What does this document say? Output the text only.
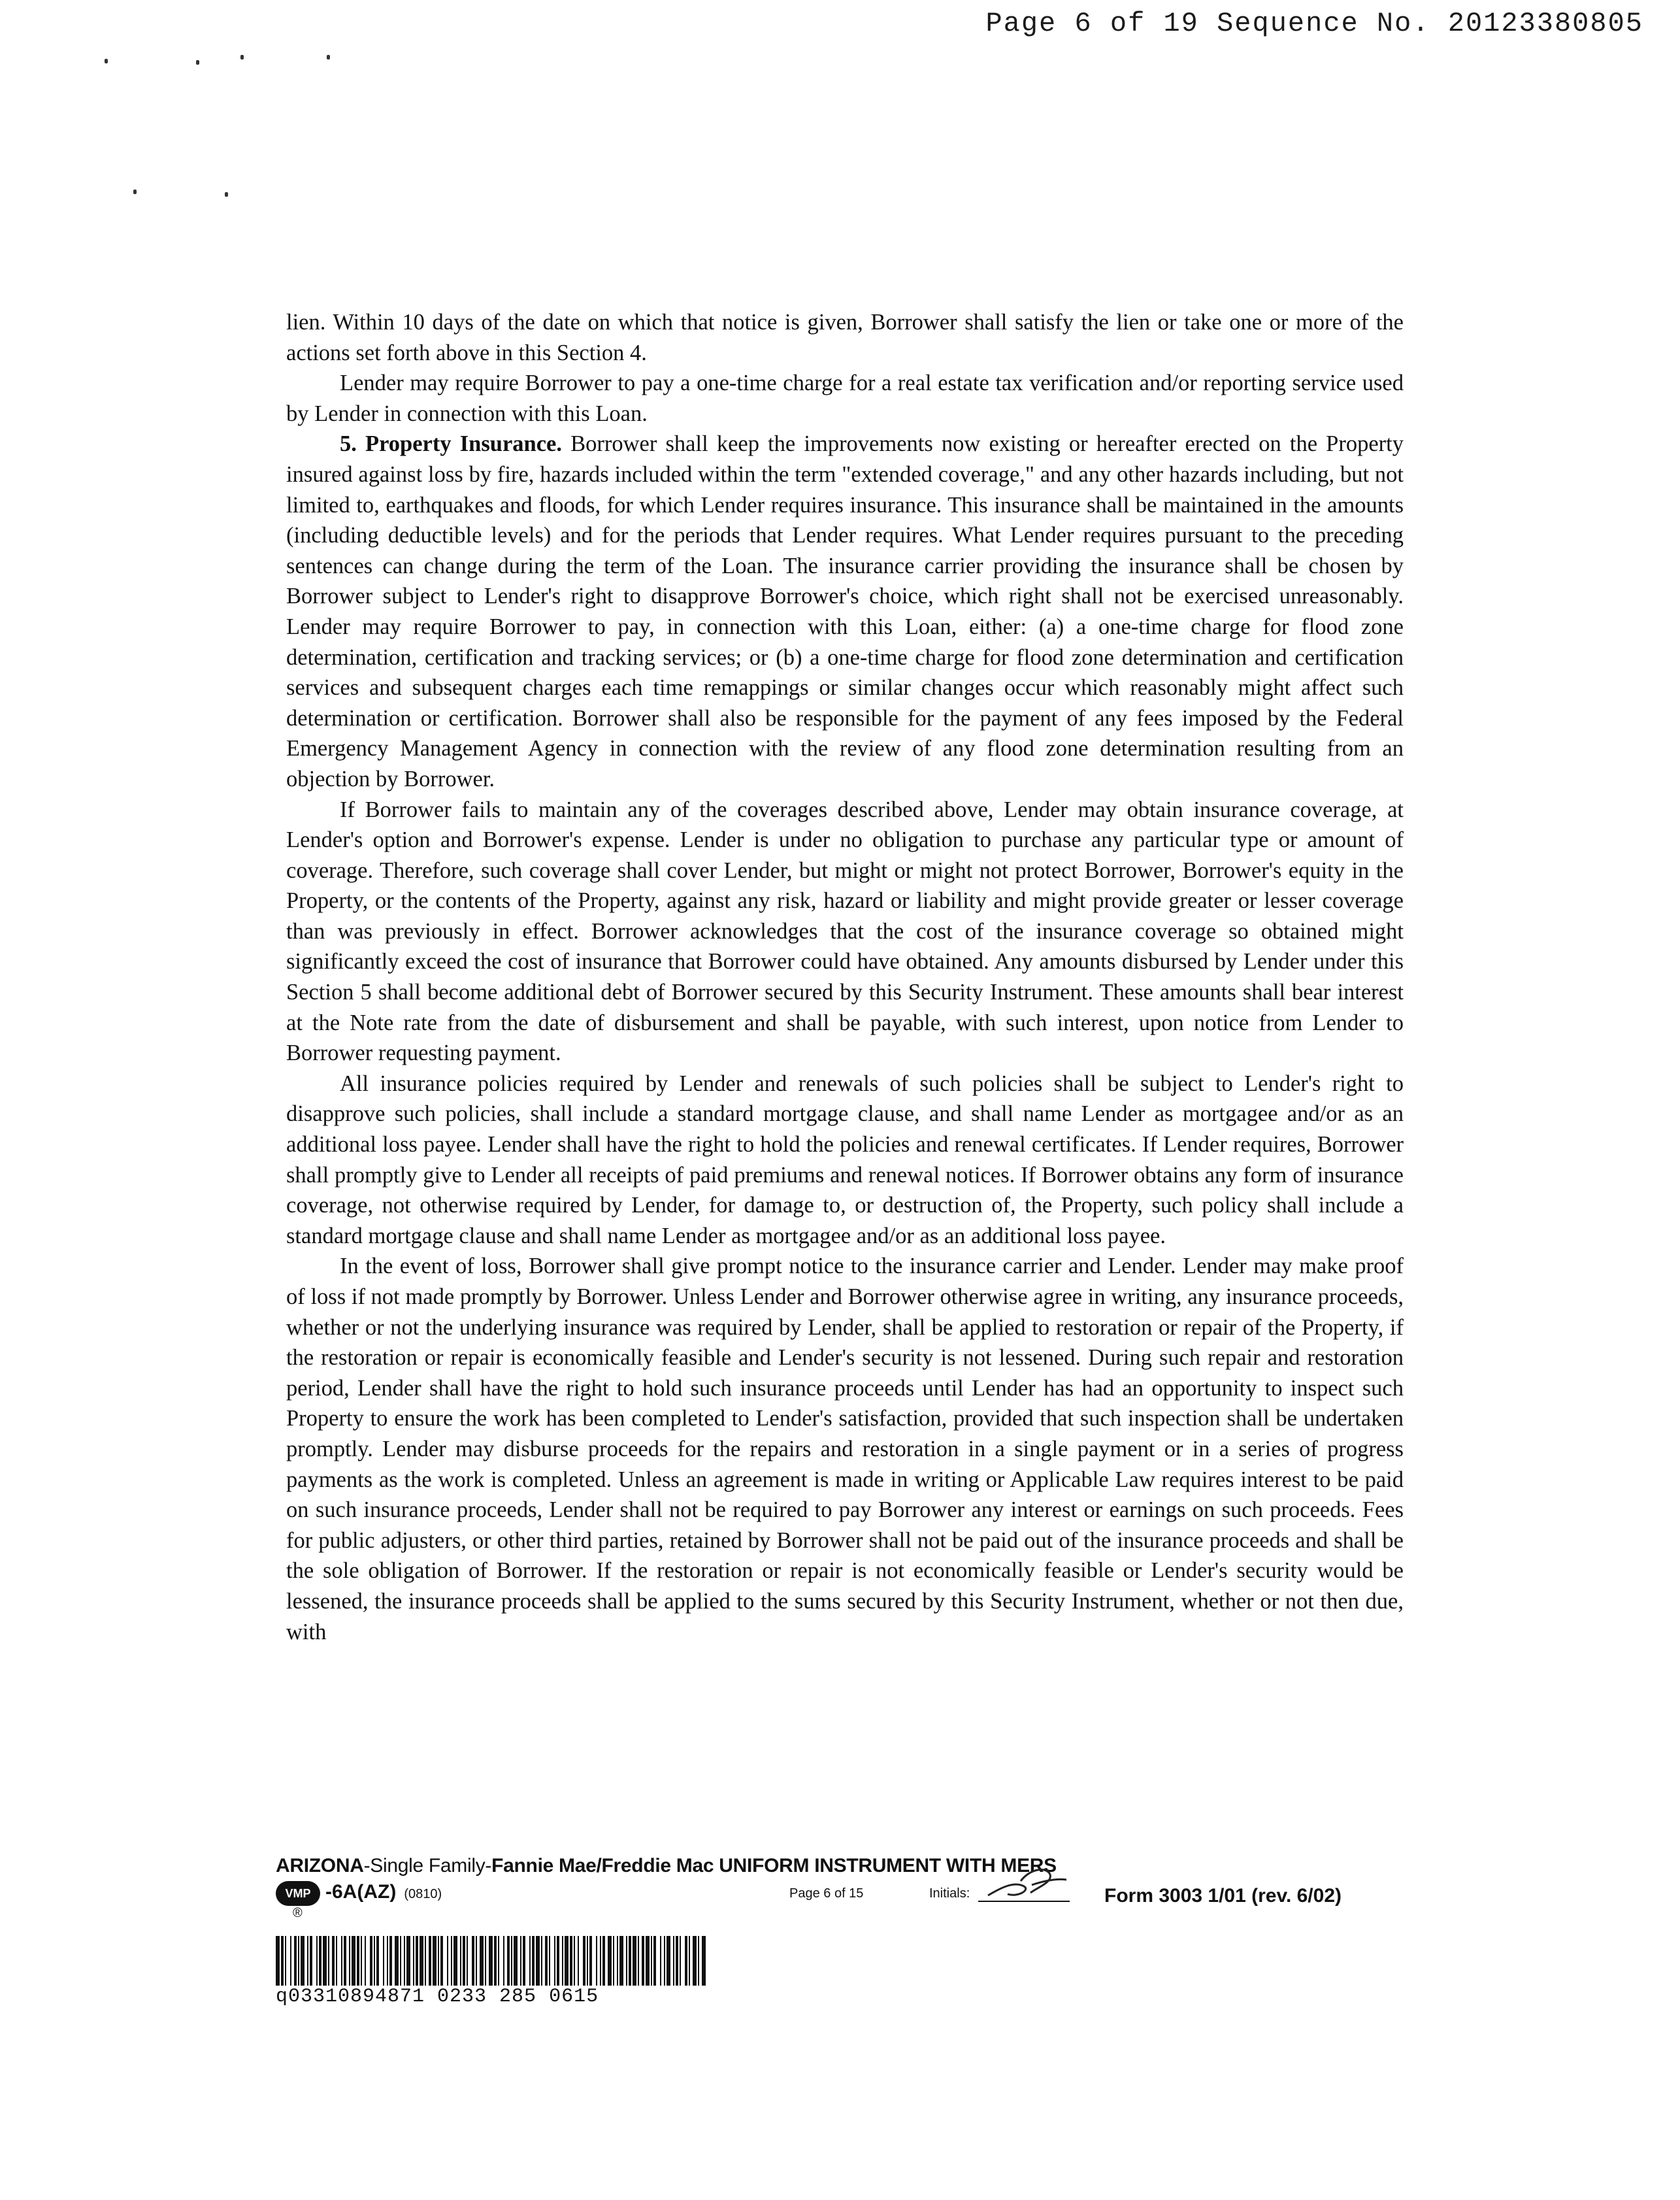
Page 6 of 19 Sequence No. 20123380805

lien. Within 10 days of the date on which that notice is given, Borrower shall satisfy the lien or take one or more of the actions set forth above in this Section 4.

Lender may require Borrower to pay a one-time charge for a real estate tax verification and/or reporting service used by Lender in connection with this Loan.

5. Property Insurance. Borrower shall keep the improvements now existing or hereafter erected on the Property insured against loss by fire, hazards included within the term "extended coverage," and any other hazards including, but not limited to, earthquakes and floods, for which Lender requires insurance. This insurance shall be maintained in the amounts (including deductible levels) and for the periods that Lender requires. What Lender requires pursuant to the preceding sentences can change during the term of the Loan. The insurance carrier providing the insurance shall be chosen by Borrower subject to Lender's right to disapprove Borrower's choice, which right shall not be exercised unreasonably. Lender may require Borrower to pay, in connection with this Loan, either: (a) a one-time charge for flood zone determination, certification and tracking services; or (b) a one-time charge for flood zone determination and certification services and subsequent charges each time remappings or similar changes occur which reasonably might affect such determination or certification. Borrower shall also be responsible for the payment of any fees imposed by the Federal Emergency Management Agency in connection with the review of any flood zone determination resulting from an objection by Borrower.

If Borrower fails to maintain any of the coverages described above, Lender may obtain insurance coverage, at Lender's option and Borrower's expense. Lender is under no obligation to purchase any particular type or amount of coverage. Therefore, such coverage shall cover Lender, but might or might not protect Borrower, Borrower's equity in the Property, or the contents of the Property, against any risk, hazard or liability and might provide greater or lesser coverage than was previously in effect. Borrower acknowledges that the cost of the insurance coverage so obtained might significantly exceed the cost of insurance that Borrower could have obtained. Any amounts disbursed by Lender under this Section 5 shall become additional debt of Borrower secured by this Security Instrument. These amounts shall bear interest at the Note rate from the date of disbursement and shall be payable, with such interest, upon notice from Lender to Borrower requesting payment.

All insurance policies required by Lender and renewals of such policies shall be subject to Lender's right to disapprove such policies, shall include a standard mortgage clause, and shall name Lender as mortgagee and/or as an additional loss payee. Lender shall have the right to hold the policies and renewal certificates. If Lender requires, Borrower shall promptly give to Lender all receipts of paid premiums and renewal notices. If Borrower obtains any form of insurance coverage, not otherwise required by Lender, for damage to, or destruction of, the Property, such policy shall include a standard mortgage clause and shall name Lender as mortgagee and/or as an additional loss payee.

In the event of loss, Borrower shall give prompt notice to the insurance carrier and Lender. Lender may make proof of loss if not made promptly by Borrower. Unless Lender and Borrower otherwise agree in writing, any insurance proceeds, whether or not the underlying insurance was required by Lender, shall be applied to restoration or repair of the Property, if the restoration or repair is economically feasible and Lender's security is not lessened. During such repair and restoration period, Lender shall have the right to hold such insurance proceeds until Lender has had an opportunity to inspect such Property to ensure the work has been completed to Lender's satisfaction, provided that such inspection shall be undertaken promptly. Lender may disburse proceeds for the repairs and restoration in a single payment or in a series of progress payments as the work is completed. Unless an agreement is made in writing or Applicable Law requires interest to be paid on such insurance proceeds, Lender shall not be required to pay Borrower any interest or earnings on such proceeds. Fees for public adjusters, or other third parties, retained by Borrower shall not be paid out of the insurance proceeds and shall be the sole obligation of Borrower. If the restoration or repair is not economically feasible or Lender's security would be lessened, the insurance proceeds shall be applied to the sums secured by this Security Instrument, whether or not then due, with

ARIZONA-Single Family-Fannie Mae/Freddie Mac UNIFORM INSTRUMENT WITH MERS
VMP
®
-6A(AZ) (0810)	Page 6 of 15	Initials:	Form 3003 1/01 (rev. 6/02)
q03310894871 0233 285 0615
